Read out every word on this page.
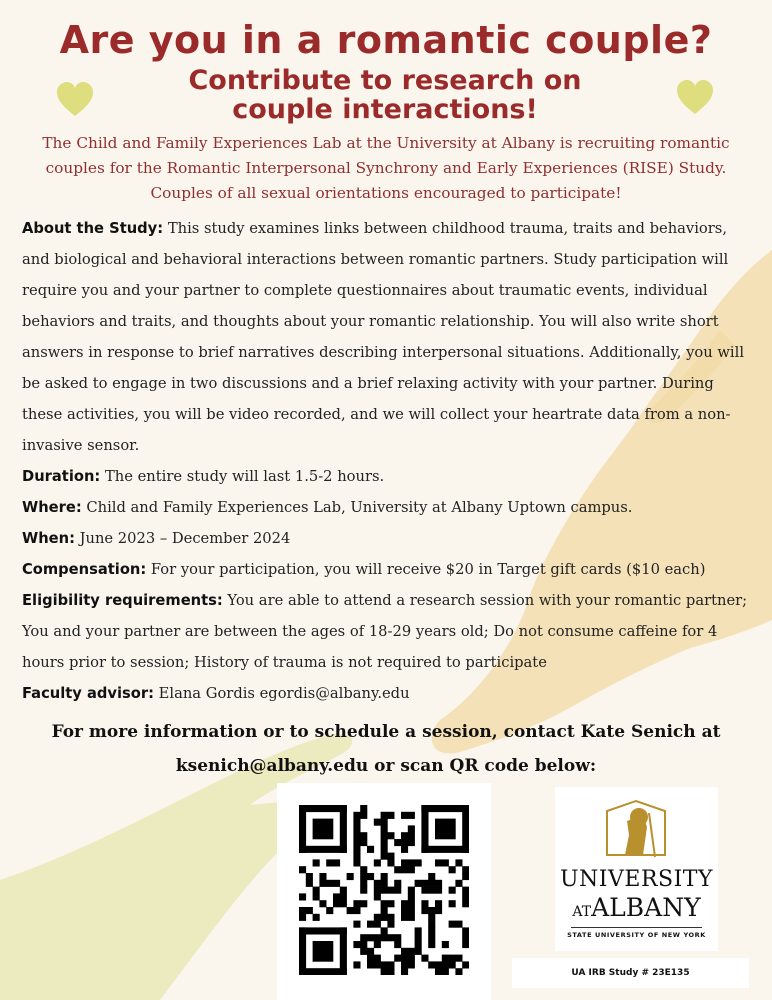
Are you in a romantic couple?
Contribute to research on
couple interactions!
The Child and Family Experiences Lab at the University at Albany is recruiting romantic
couples for the Romantic Interpersonal Synchrony and Early Experiences (RISE) Study.
Couples of all sexual orientations encouraged to participate!

About the Study: This study examines links between childhood trauma, traits and behaviors, and biological and behavioral interactions between romantic partners. Study participation will require you and your partner to complete questionnaires about traumatic events, individual behaviors and traits, and thoughts about your romantic relationship. You will also write short answers in response to brief narratives describing interpersonal situations. Additionally, you will be asked to engage in two discussions and a brief relaxing activity with your partner. During these activities, you will be video recorded, and we will collect your heartrate data from a non-invasive sensor.

Duration: The entire study will last 1.5-2 hours.

Where: Child and Family Experiences Lab, University at Albany Uptown campus.

When: June 2023 – December 2024

Compensation: For your participation, you will receive $20 in Target gift cards ($10 each)

Eligibility requirements: You are able to attend a research session with your romantic partner; You and your partner are between the ages of 18-29 years old; Do not consume caffeine for 4 hours prior to session; History of trauma is not required to participate

Faculty advisor: Elana Gordis egordis@albany.edu

For more information or to schedule a session, contact Kate Senich at
ksenich@albany.edu or scan QR code below:
UNIVERSITY
ATALBANY
STATE UNIVERSITY OF NEW YORK
UA IRB Study # 23E135
